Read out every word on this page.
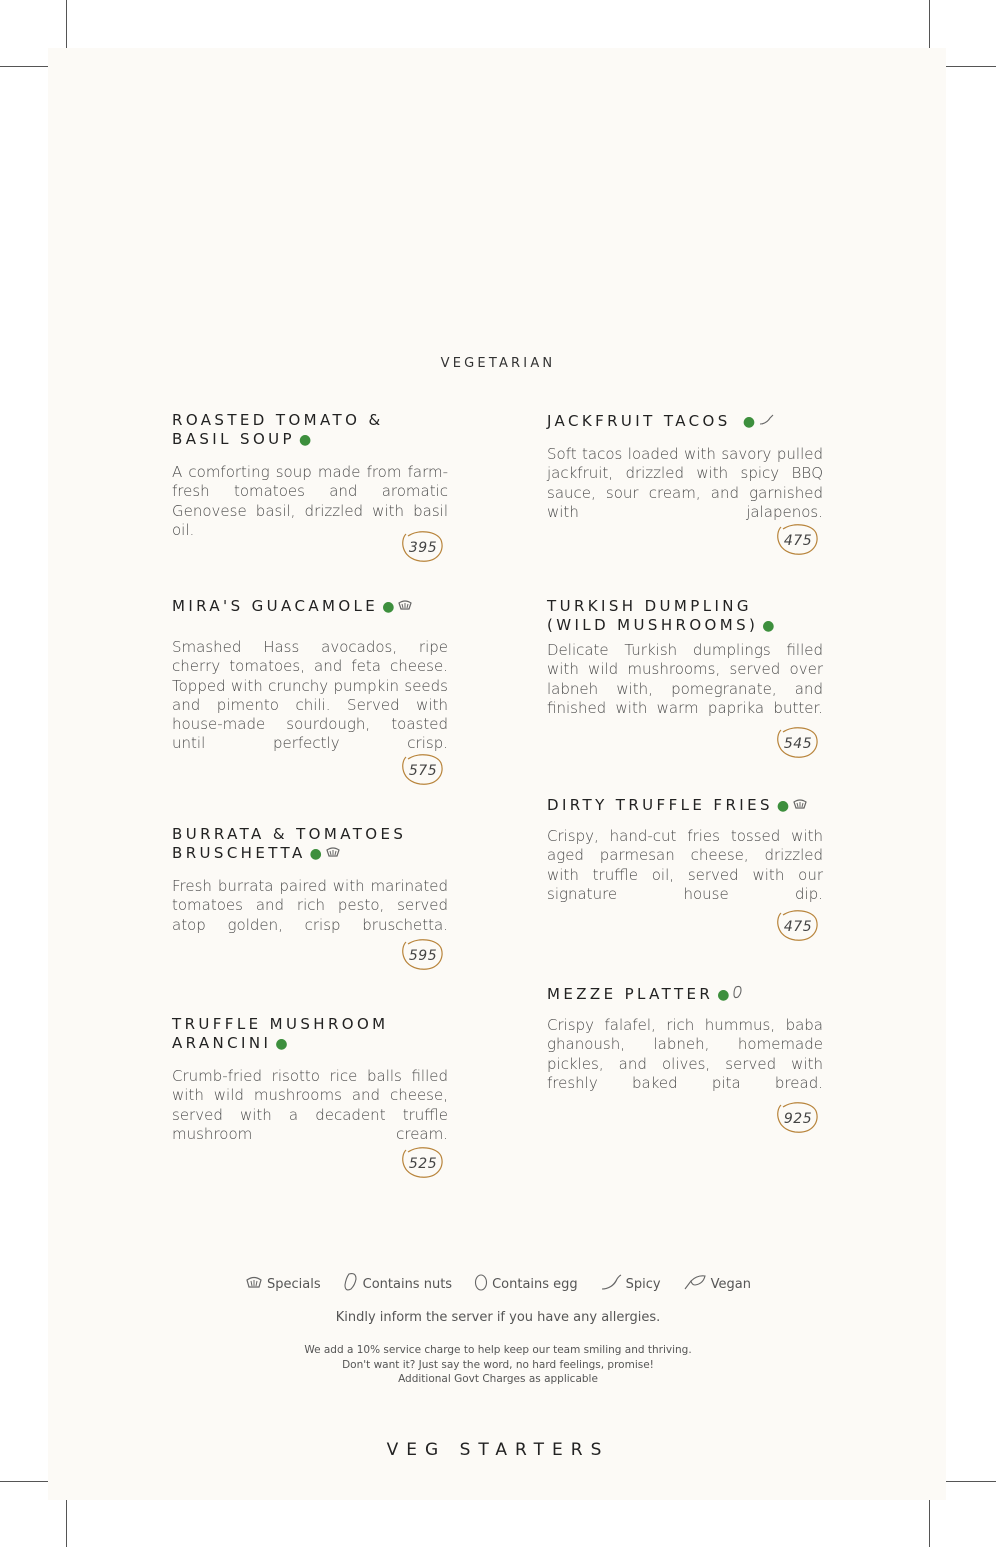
VEGETARIAN

ROASTED TOMATO &
BASIL SOUP ●

A comforting soup made from farm-fresh tomatoes and aromatic Genovese basil, drizzled with basil oil.
395

MIRA'S GUACAMOLE ●

Smashed Hass avocados, ripe cherry tomatoes, and feta cheese. Topped with crunchy pumpkin seeds and pimento chili. Served with house-made sourdough, toasted until perfectly crisp.
575

BURRATA & TOMATOES
BRUSCHETTA ●

Fresh burrata paired with marinated tomatoes and rich pesto, served atop golden, crisp bruschetta.
595

TRUFFLE MUSHROOM
ARANCINI ●

Crumb-fried risotto rice balls filled with wild mushrooms and cheese, served with a decadent truffle mushroom cream.
525

JACKFRUIT TACOS ●

Soft tacos loaded with savory pulled jackfruit, drizzled with spicy BBQ sauce, sour cream, and garnished with jalapenos.
475

TURKISH DUMPLING
(WILD MUSHROOMS) ●

Delicate Turkish dumplings filled with wild mushrooms, served over labneh with, pomegranate, and finished with warm paprika butter.
545

DIRTY TRUFFLE FRIES ●

Crispy, hand-cut fries tossed with aged parmesan cheese, drizzled with truffle oil, served with our signature house dip.
475

MEZZE PLATTER ●

Crispy falafel, rich hummus, baba ghanoush, labneh, homemade pickles, and olives, served with freshly baked pita bread.
925
Specials	Contains nuts	Contains egg	Spicy	Vegan
Kindly inform the server if you have any allergies.
We add a 10% service charge to help keep our team smiling and thriving.
Don't want it? Just say the word, no hard feelings, promise!
Additional Govt Charges as applicable
VEG STARTERS
